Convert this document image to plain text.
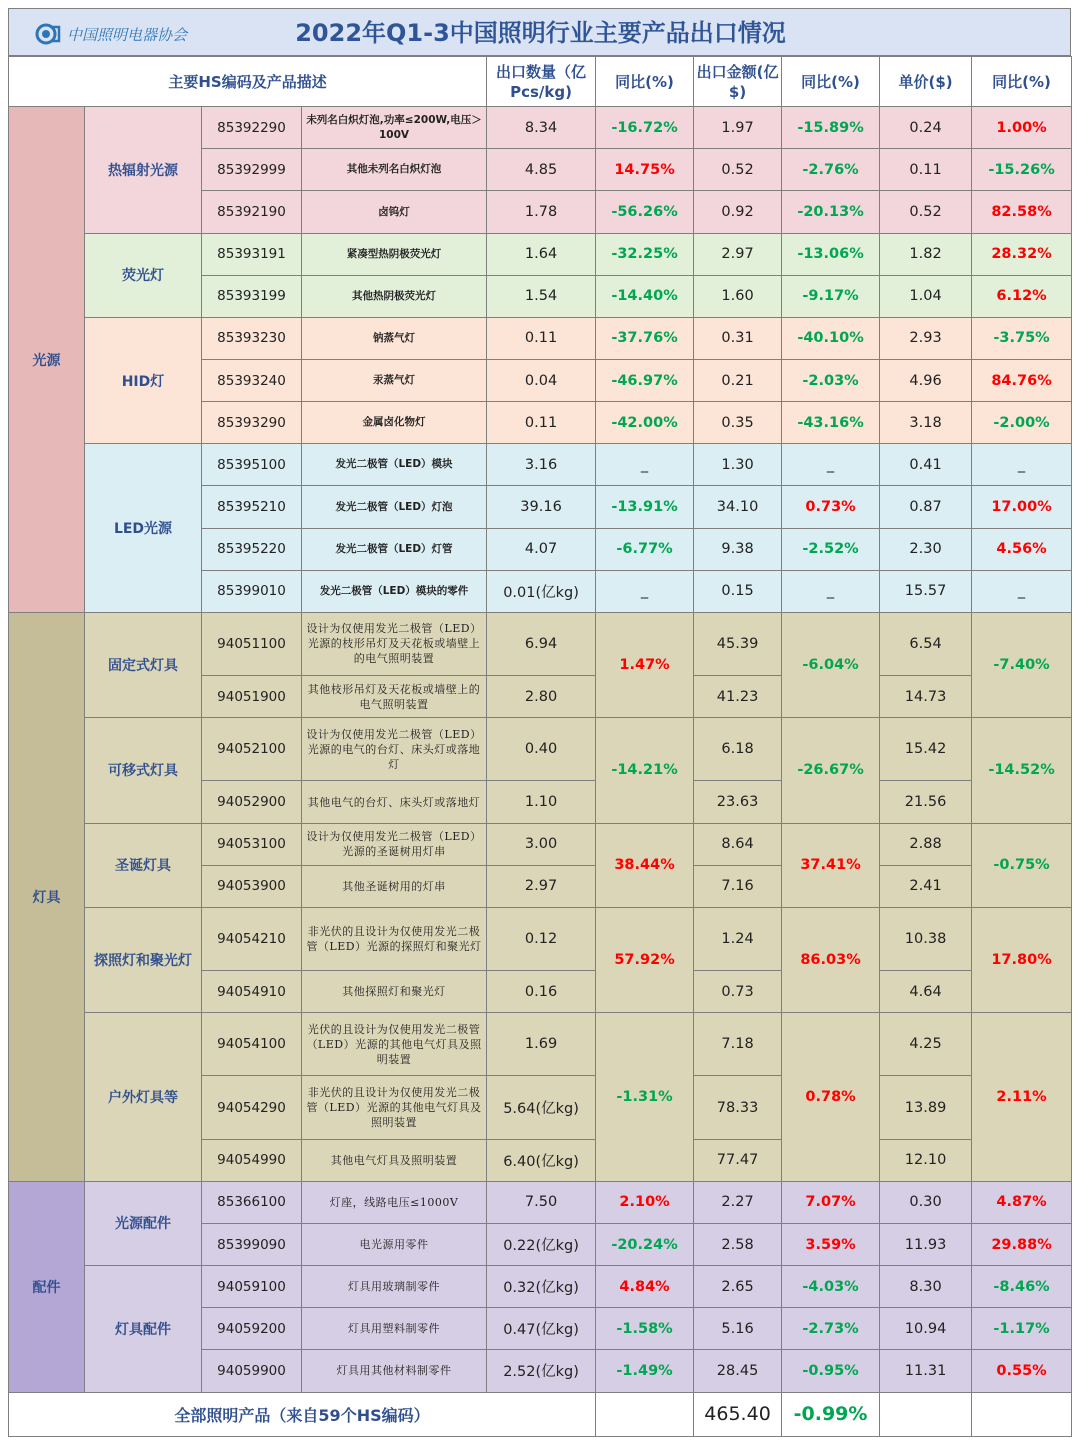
中国照明电器协会	2022年Q1-3中国照明行业主要产品出口情况
主要HS编码及产品描述				出口数量（亿Pcs/kg)	同比(%)	出口金额(亿$)	同比(%)	单价($)	同比(%)
光源	热辐射光源	85392290	未列名白炽灯泡,功率≤200W,电压＞100V	8.34	-16.72%	1.97	-15.89%	0.24	1.00%
		85392999	其他未列名白炽灯泡	4.85	14.75%	0.52	-2.76%	0.11	-15.26%
		85392190	卤钨灯	1.78	-56.26%	0.92	-20.13%	0.52	82.58%
	荧光灯	85393191	紧凑型热阴极荧光灯	1.64	-32.25%	2.97	-13.06%	1.82	28.32%
		85393199	其他热阴极荧光灯	1.54	-14.40%	1.60	-9.17%	1.04	6.12%
	HID灯	85393230	钠蒸气灯	0.11	-37.76%	0.31	-40.10%	2.93	-3.75%
		85393240	汞蒸气灯	0.04	-46.97%	0.21	-2.03%	4.96	84.76%
		85393290	金属卤化物灯	0.11	-42.00%	0.35	-43.16%	3.18	-2.00%
	LED光源	85395100	发光二极管（LED）模块	3.16	_	1.30	_	0.41	_
		85395210	发光二极管（LED）灯泡	39.16	-13.91%	34.10	0.73%	0.87	17.00%
		85395220	发光二极管（LED）灯管	4.07	-6.77%	9.38	-2.52%	2.30	4.56%
		85399010	发光二极管（LED）模块的零件	0.01(亿kg)	_	0.15	_	15.57	_
灯具	固定式灯具	94051100	设计为仅使用发光二极管（LED）光源的枝形吊灯及天花板或墙壁上的电气照明装置	6.94	1.47%	45.39	-6.04%	6.54	-7.40%
		94051900	其他枝形吊灯及天花板或墙壁上的电气照明装置	2.80		41.23		14.73	
	可移式灯具	94052100	设计为仅使用发光二极管（LED）光源的电气的台灯、床头灯或落地灯	0.40	-14.21%	6.18	-26.67%	15.42	-14.52%
		94052900	其他电气的台灯、床头灯或落地灯	1.10		23.63		21.56	
	圣诞灯具	94053100	设计为仅使用发光二极管（LED）光源的圣诞树用灯串	3.00	38.44%	8.64	37.41%	2.88	-0.75%
		94053900	其他圣诞树用的灯串	2.97		7.16		2.41	
	探照灯和聚光灯	94054210	非光伏的且设计为仅使用发光二极管（LED）光源的探照灯和聚光灯	0.12	57.92%	1.24	86.03%	10.38	17.80%
		94054910	其他探照灯和聚光灯	0.16		0.73		4.64	
	户外灯具等	94054100	光伏的且设计为仅使用发光二极管（LED）光源的其他电气灯具及照明装置	1.69	-1.31%	7.18	0.78%	4.25	2.11%
		94054290	非光伏的且设计为仅使用发光二极管（LED）光源的其他电气灯具及照明装置	5.64(亿kg)		78.33		13.89	
		94054990	其他电气灯具及照明装置	6.40(亿kg)		77.47		12.10	
配件	光源配件	85366100	灯座，线路电压≤1000V	7.50	2.10%	2.27	7.07%	0.30	4.87%
		85399090	电光源用零件	0.22(亿kg)	-20.24%	2.58	3.59%	11.93	29.88%
	灯具配件	94059100	灯具用玻璃制零件	0.32(亿kg)	4.84%	2.65	-4.03%	8.30	-8.46%
		94059200	灯具用塑料制零件	0.47(亿kg)	-1.58%	5.16	-2.73%	10.94	-1.17%
		94059900	灯具用其他材料制零件	2.52(亿kg)	-1.49%	28.45	-0.95%	11.31	0.55%
全部照明产品（来自59个HS编码）						465.40	-0.99%		
